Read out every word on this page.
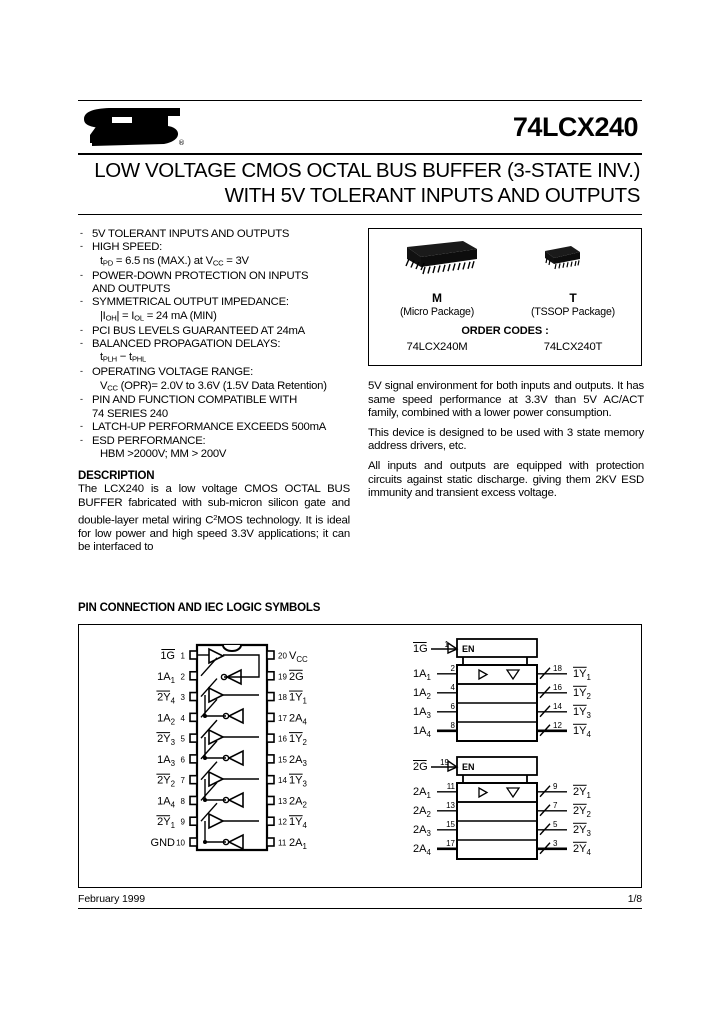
®
74LCX240
LOW VOLTAGE CMOS OCTAL BUS BUFFER (3-STATE INV.)
WITH 5V TOLERANT INPUTS AND OUTPUTS
- 5V TOLERANT INPUTS AND OUTPUTS
- HIGH SPEED:
$t_{PD} = 6.5$ ns (MAX.) at $V_{CC} = 3V$
- POWER-DOWN PROTECTION ON INPUTS
AND OUTPUTS
- SYMMETRICAL OUTPUT IMPEDANCE:
$|I_{OH}| = I_{OL} = 24$ mA (MIN)
- PCI BUS LEVELS GUARANTEED AT 24mA
- BALANCED PROPAGATION DELAYS:
$t_{PLH} - t_{PHL}$
- OPERATING VOLTAGE RANGE:
$V_{CC}$ (OPR)= 2.0V to 3.6V (1.5V Data Retention)
- PIN AND FUNCTION COMPATIBLE WITH
74 SERIES 240
- LATCH-UP PERFORMANCE EXCEEDS 500mA
- ESD PERFORMANCE:
HBM >2000V; MM > 200V
DESCRIPTION

The LCX240 is a low voltage CMOS OCTAL BUS BUFFER fabricated with sub-micron silicon gate and double-layer metal wiring $C^2MOS$ technology. It is ideal for low power and high speed 3.3V applications; it can be interfaced to

M
(Micro Package)
T
(TSSOP Package)
ORDER CODES :
74LCX240M	74LCX240T

5V signal environment for both inputs and outputs. It has same speed performance at 3.3V than 5V AC/ACT family, combined with a lower power consumption.

This device is designed to be used with 3 state memory address drivers, etc.

All inputs and outputs are equipped with protection circuits against static discharge. giving them 2KV ESD immunity and transient excess voltage.

PIN CONNECTION AND IEC LOGIC SYMBOLS
1	20
1G	$V_{CC}$
2	19
$1A_1$	2G
3	18
$2Y_4$	$1Y_1$
4	17
$1A_2$	$2A_4$
5	16
$2Y_3$	$1Y_2$
6	15
$1A_3$	$2A_3$
7	14
$2Y_2$	$1Y_3$
8	13
$1A_4$	$2A_2$
9	12
$2Y_1$	$1Y_4$
10	11
GND	$2A_1$
EN
1G 1
$1A_1$
2
$1A_2$
4
$1A_3$
6
$1A_4$
8
18 $1Y_1$
16 $1Y_2$
14 $1Y_3$
12 $1Y_4$
EN
2G 19
$2A_1$
11
$2A_2$
13
$2A_3$
15
$2A_4$
17
9 $2Y_1$
7 $2Y_2$
5 $2Y_3$
3 $2Y_4$
February 1999	1/8
